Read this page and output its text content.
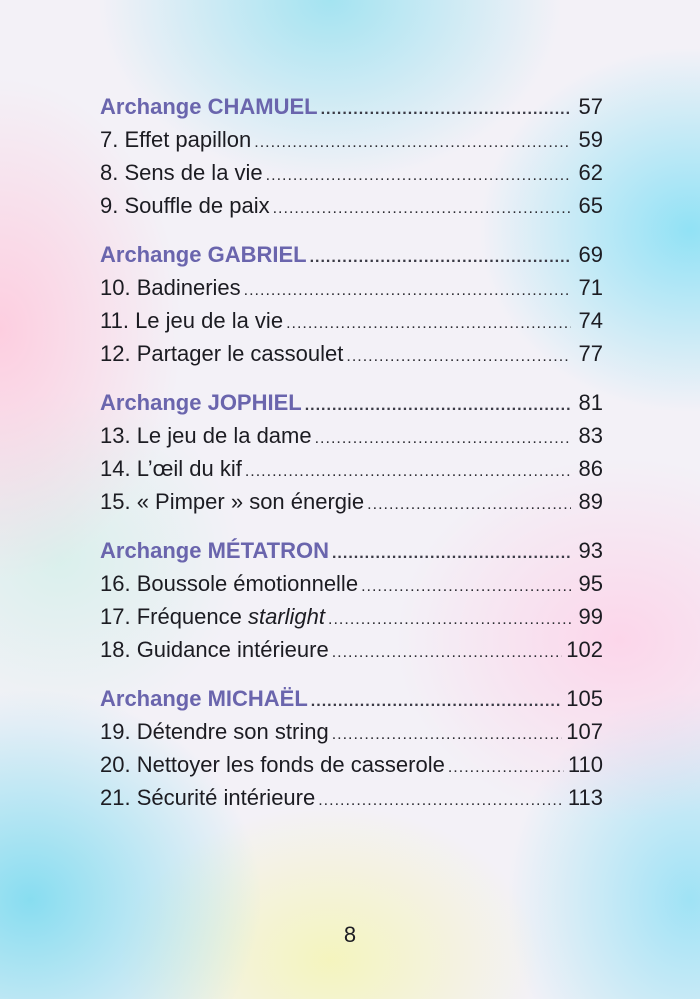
Archange CHAMUEL .....	57
7. Effet papillon .....	59
8. Sens de la vie .....	62
9. Souffle de paix .....	65
Archange GABRIEL .....	69
10. Badineries .....	71
11. Le jeu de la vie .....	74
12. Partager le cassoulet .....	77
Archange JOPHIEL .....	81
13. Le jeu de la dame .....	83
14. L’œil du kif .....	86
15. « Pimper » son énergie .....	89
Archange MÉTATRON .....	93
16. Boussole émotionnelle .....	95
17. Fréquence starlight .....	99
18. Guidance intérieure .....	102
Archange MICHAËL .....	105
19. Détendre son string .....	107
20. Nettoyer les fonds de casserole .....	110
21. Sécurité intérieure .....	113
8
